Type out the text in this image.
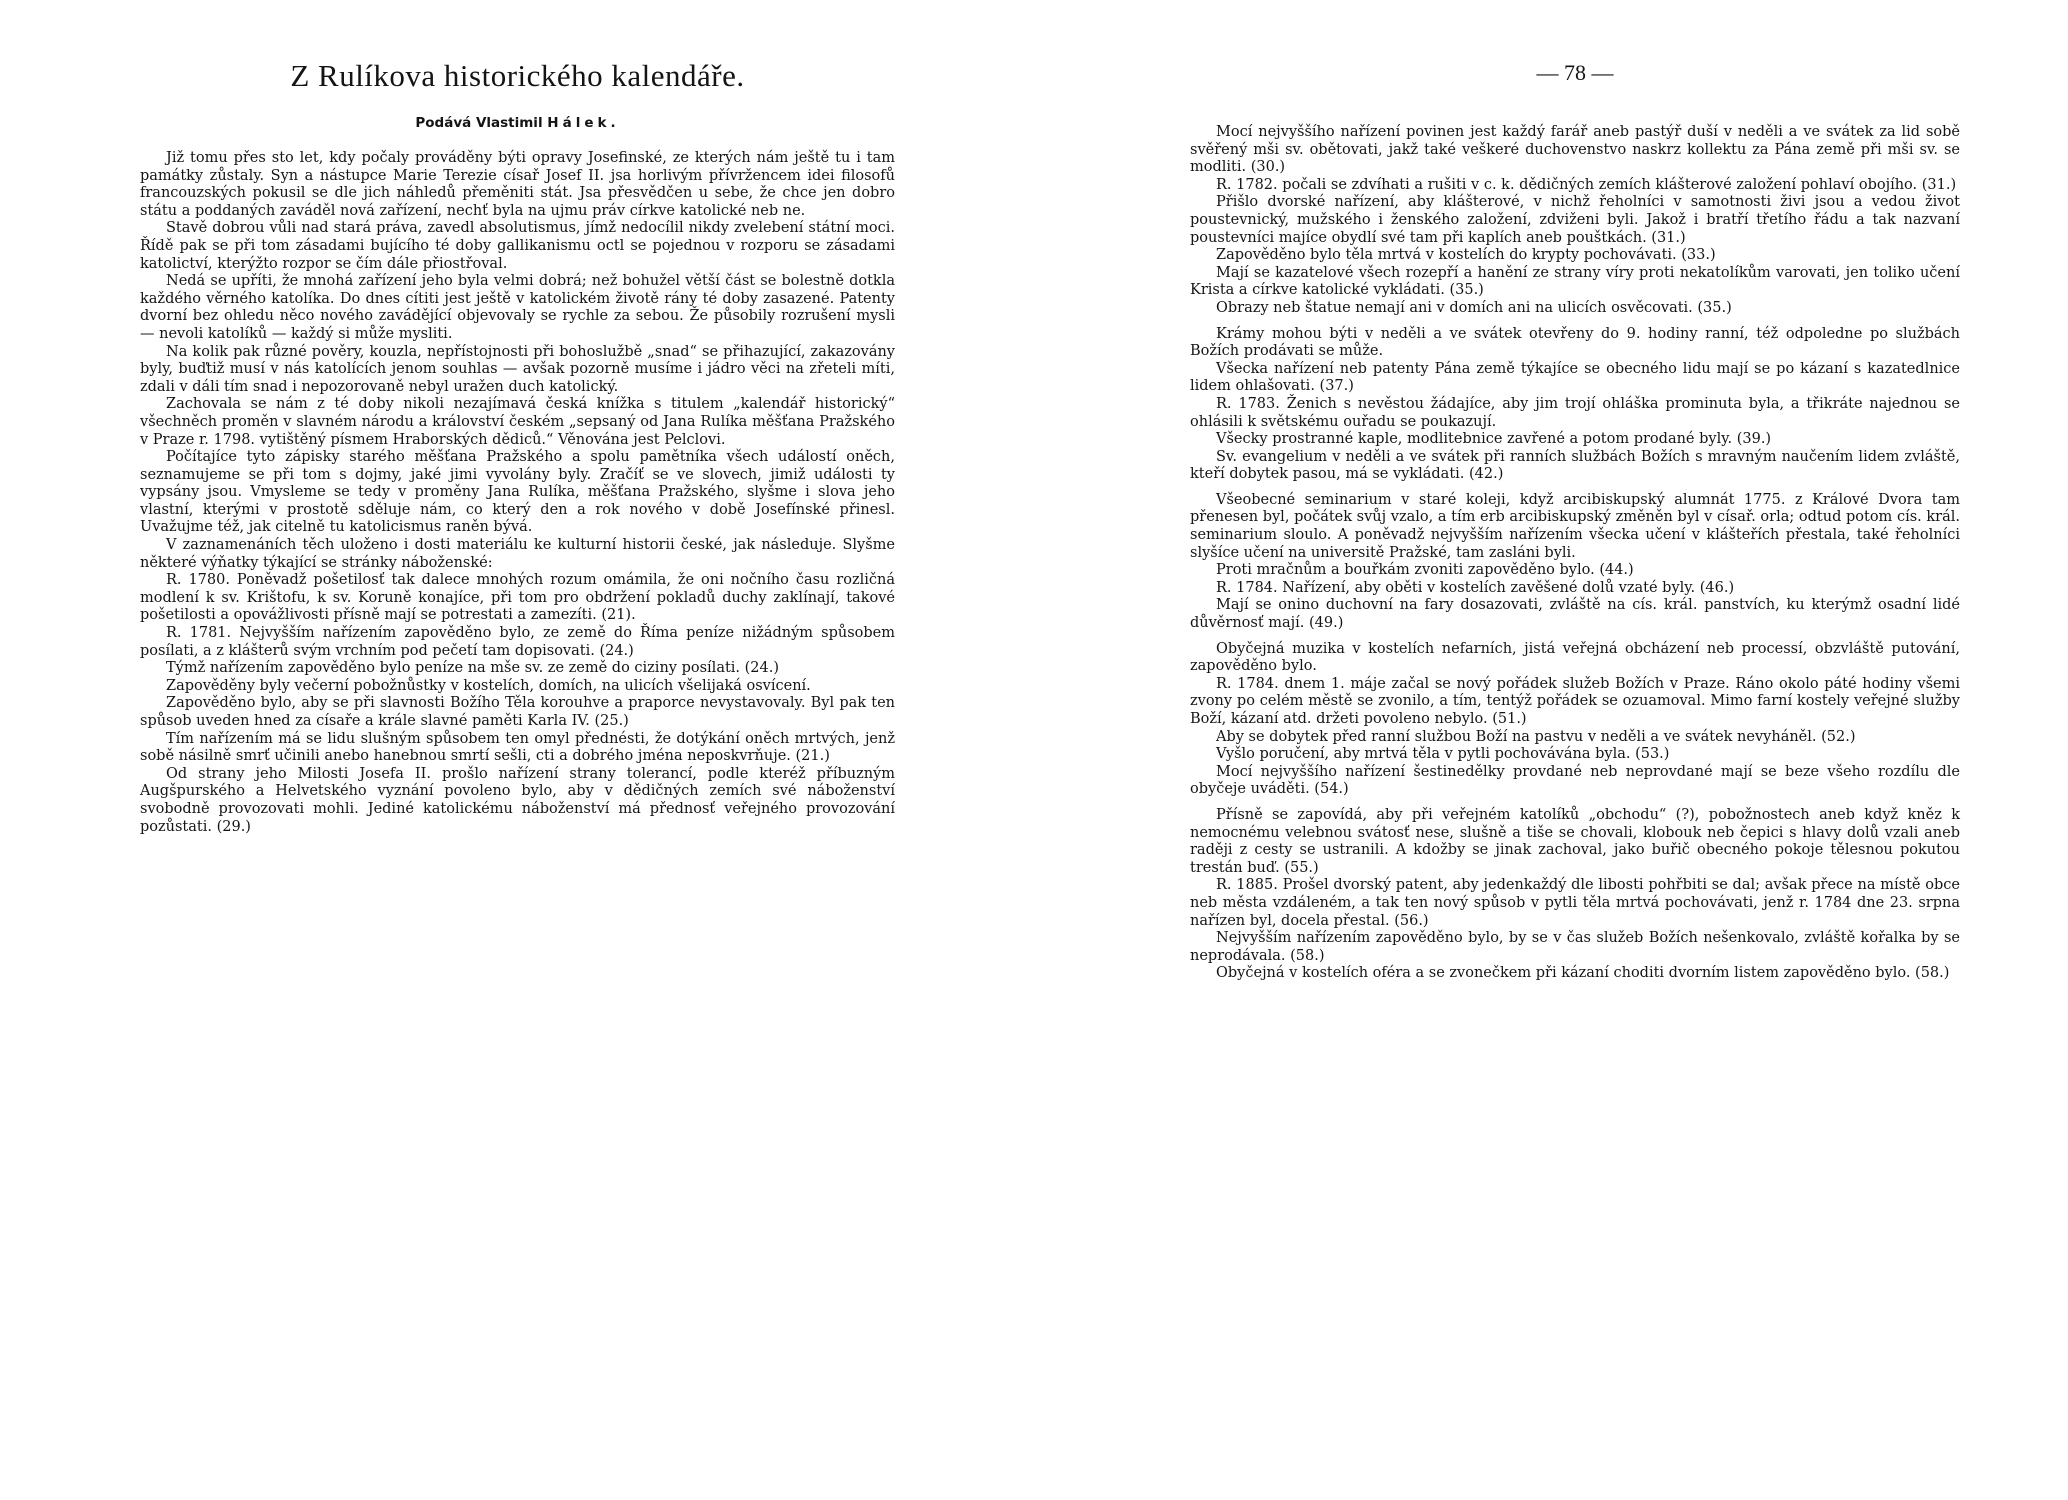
Z Rulíkova historického kalendáře.
Podává Vlastimil Hálek.

Již tomu přes sto let, kdy počaly prováděny býti opravy Josefinské, ze kterých nám ještě tu i tam památky zůstaly. Syn a nástupce Marie Terezie císař Josef II. jsa horlivým přívržencem idei filosofů francouzských pokusil se dle jich náhledů přeměniti stát. Jsa přesvědčen u sebe, že chce jen dobro státu a poddaných zaváděl nová zařízení, nechť byla na ujmu práv církve katolické neb ne.

Stavě dobrou vůli nad stará práva, zavedl absolutismus, jímž nedocílil nikdy zvelebení státní moci. Řídě pak se při tom zásadami bujícího té doby gallikanismu octl se pojednou v rozporu se zásadami katolictví, kterýžto rozpor se čím dále přiostřoval.

Nedá se upříti, že mnohá zařízení jeho byla velmi dobrá; než bohužel větší část se bolestně dotkla každého věrného katolíka. Do dnes cítiti jest ještě v katolickém životě rány té doby zasazené. Patenty dvorní bez ohledu něco nového zavádějící objevovaly se rychle za sebou. Že působily rozrušení mysli — nevoli katolíků — každý si může mysliti.

Na kolik pak různé pověry, kouzla, nepřístojnosti při bohoslužbě „snad“ se přihazující, zakazovány byly, buďtiž musí v nás katolících jenom souhlas — avšak pozorně musíme i jádro věci na zřeteli míti, zdali v dáli tím snad i nepozorovaně nebyl uražen duch katolický.

Zachovala se nám z té doby nikoli nezajímavá česká knížka s titulem „kalendář historický“ všechněch proměn v slavném národu a království českém „sepsaný od Jana Rulíka měšťana Pražského v Praze r. 1798. vytištěný písmem Hraborských dědiců.“ Věnována jest Pelclovi.

Počítajíce tyto zápisky starého měšťana Pražského a spolu pamětníka všech událostí oněch, seznamujeme se při tom s dojmy, jaké jimi vyvolány byly. Zračíť se ve slovech, jimiž události ty vypsány jsou. Vmysleme se tedy v proměny Jana Rulíka, měšťana Pražského, slyšme i slova jeho vlastní, kterými v prostotě sděluje nám, co který den a rok nového v době Josefínské přinesl. Uvažujme též, jak citelně tu katolicismus raněn bývá.

V zaznamenáních těch uloženo i dosti materiálu ke kulturní historii české, jak následuje. Slyšme některé výňatky týkající se stránky náboženské:

R. 1780. Poněvadž pošetilosť tak dalece mnohých rozum omámila, že oni nočního času rozličná modlení k sv. Krištofu, k sv. Koruně konajíce, při tom pro obdržení pokladů duchy zaklínají, takové pošetilosti a opovážlivosti přísně mají se potrestati a zamezíti. (21).

R. 1781. Nejvyšším nařízením zapověděno bylo, ze země do Říma peníze nižádným spůsobem posílati, a z klášterů svým vrchním pod pečetí tam dopisovati. (24.)

Týmž nařízením zapověděno bylo peníze na mše sv. ze země do ciziny posílati. (24.)

Zapověděny byly večerní pobožnůstky v kostelích, domích, na ulicích všelijaká osvícení.

Zapověděno bylo, aby se při slavnosti Božího Těla korouhve a praporce nevystavovaly. Byl pak ten spůsob uveden hned za císaře a krále slavné paměti Karla IV. (25.)

Tím nařízením má se lidu slušným spůsobem ten omyl přednésti, že dotýkání oněch mrtvých, jenž sobě násilně smrť učinili anebo hanebnou smrtí sešli, cti a dobrého jména neposkvrňuje. (21.)

Od strany jeho Milosti Josefa II. prošlo nařízení strany tolerancí, podle kteréž příbuzným Augšpurského a Helvetského vyznání povoleno bylo, aby v dědičných zemích své náboženství svobodně provozovati mohli. Jediné katolickému náboženství má přednosť veřejného provozování pozůstati. (29.)

— 78 —

Mocí nejvyššího nařízení povinen jest každý farář aneb pastýř duší v neděli a ve svátek za lid sobě svěřený mši sv. obětovati, jakž také veškeré duchovenstvo naskrz kollektu za Pána země při mši sv. se modliti. (30.)

R. 1782. počali se zdvíhati a rušiti v c. k. dědičných zemích klášterové založení pohlaví obojího. (31.)

Přišlo dvorské nařízení, aby klášterové, v nichž řeholníci v samotnosti živi jsou a vedou život poustevnický, mužského i ženského založení, zdviženi byli. Jakož i bratří třetího řádu a tak nazvaní poustevníci majíce obydlí své tam při kaplích aneb pouštkách. (31.)

Zapověděno bylo těla mrtvá v kostelích do krypty pochovávati. (33.)

Mají se kazatelové všech rozepří a hanění ze strany víry proti nekatolíkům varovati, jen toliko učení Krista a církve katolické vykládati. (35.)

Obrazy neb štatue nemají ani v domích ani na ulicích osvěcovati. (35.)

Krámy mohou býti v neděli a ve svátek otevřeny do 9. hodiny ranní, též odpoledne po službách Božích prodávati se může.

Všecka nařízení neb patenty Pána země týkajíce se obecného lidu mají se po kázaní s kazatedlnice lidem ohlašovati. (37.)

R. 1783. Ženich s nevěstou žádajíce, aby jim trojí ohláška prominuta byla, a třikráte najednou se ohlásili k světskému ouřadu se poukazují.

Všecky prostranné kaple, modlitebnice zavřené a potom prodané byly. (39.)

Sv. evangelium v neděli a ve svátek při ranních službách Božích s mravným naučením lidem zvláště, kteří dobytek pasou, má se vykládati. (42.)

Všeobecné seminarium v staré koleji, když arcibiskupský alumnát 1775. z Králové Dvora tam přenesen byl, počátek svůj vzalo, a tím erb arcibiskupský změněn byl v císař. orla; odtud potom cís. král. seminarium sloulo. A poněvadž nejvyšším nařízením všecka učení v klášteřích přestala, také řeholníci slyšíce učení na universitě Pražské, tam zasláni byli.

Proti mračnům a bouřkám zvoniti zapověděno bylo. (44.)

R. 1784. Nařízení, aby oběti v kostelích zavěšené dolů vzaté byly. (46.)

Mají se onino duchovní na fary dosazovati, zvláště na cís. král. panstvích, ku kterýmž osadní lidé důvěrnosť mají. (49.)

Obyčejná muzika v kostelích nefarních, jistá veřejná obcházení neb processí, obzvláště putování, zapověděno bylo.

R. 1784. dnem 1. máje začal se nový pořádek služeb Božích v Praze. Ráno okolo páté hodiny všemi zvony po celém městě se zvonilo, a tím, tentýž pořádek se ozuamoval. Mimo farní kostely veřejné služby Boží, kázaní atd. držeti povoleno nebylo. (51.)

Aby se dobytek před ranní službou Boží na pastvu v neděli a ve svátek nevyháněl. (52.)

Vyšlo poručení, aby mrtvá těla v pytli pochovávána byla. (53.)

Mocí nejvyššího nařízení šestinedělky provdané neb neprovdané mají se beze všeho rozdílu dle obyčeje uváděti. (54.)

Přísně se zapovídá, aby při veřejném katolíků „obchodu“ (?), pobožnostech aneb když kněz k nemocnému velebnou svátosť nese, slušně a tiše se chovali, klobouk neb čepici s hlavy dolů vzali aneb raději z cesty se ustranili. A kdožby se jinak zachoval, jako buřič obecného pokoje tělesnou pokutou trestán buď. (55.)

R. 1885. Prošel dvorský patent, aby jedenkaždý dle libosti pohřbiti se dal; avšak přece na místě obce neb města vzdáleném, a tak ten nový spůsob v pytli těla mrtvá pochovávati, jenž r. 1784 dne 23. srpna nařízen byl, docela přestal. (56.)

Nejvyšším nařízením zapověděno bylo, by se v čas služeb Božích nešenkovalo, zvláště kořalka by se neprodávala. (58.)

Obyčejná v kostelích oféra a se zvonečkem při kázaní choditi dvorním listem zapověděno bylo. (58.)
